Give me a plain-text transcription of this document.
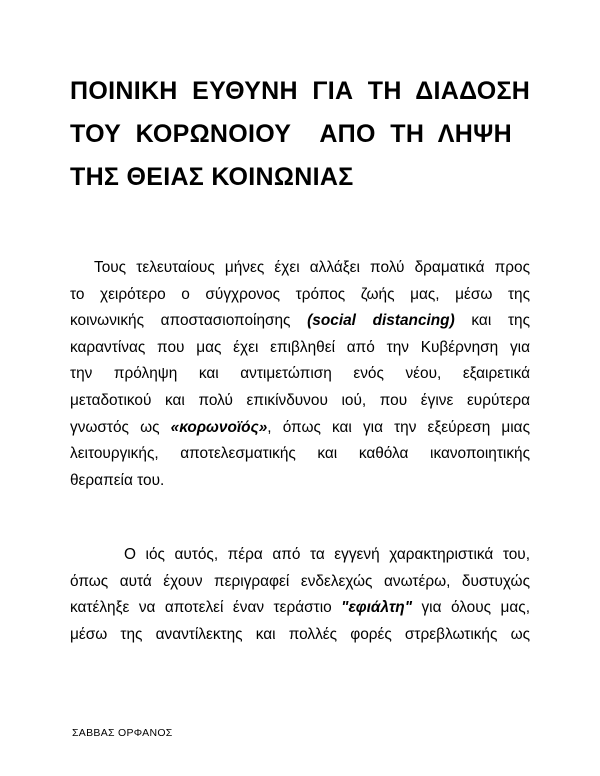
ΠΟΙΝΙΚΗ  ΕΥΘΥΝΗ  ΓΙΑ  ΤΗ  ΔΙΑΔΟΣΗ
ΤΟΥ  ΚΟΡΩΝΟΙΟΥ    ΑΠΟ  ΤΗ  ΛΗΨΗ
ΤΗΣ ΘΕΙΑΣ ΚΟΙΝΩΝΙΑΣ
Τους τελευταίους μήνες έχει αλλάξει πολύ δραματικά προς
το χειρότερο ο σύγχρονος τρόπος ζωής μας, μέσω της
κοινωνικής αποστασιοποίησης (social distancing) και της
καραντίνας που μας έχει επιβληθεί από την Κυβέρνηση για
την πρόληψη και αντιμετώπιση ενός νέου, εξαιρετικά
μεταδοτικού και πολύ επικίνδυνου ιού, που έγινε ευρύτερα
γνωστός ως «κορωνοϊός», όπως και για την εξεύρεση μιας
λειτουργικής, αποτελεσματικής και καθόλα ικανοποιητικής
θεραπεία του.
Ο ιός αυτός, πέρα από τα εγγενή χαρακτηριστικά του,
όπως αυτά έχουν περιγραφεί ενδελεχώς ανωτέρω, δυστυχώς
κατέληξε να αποτελεί έναν τεράστιο "εφιάλτη" για όλους μας,
μέσω της αναντίλεκτης και πολλές φορές στρεβλωτικής ως
ΣΑΒΒΑΣ ΟΡΦΑΝΟΣ
